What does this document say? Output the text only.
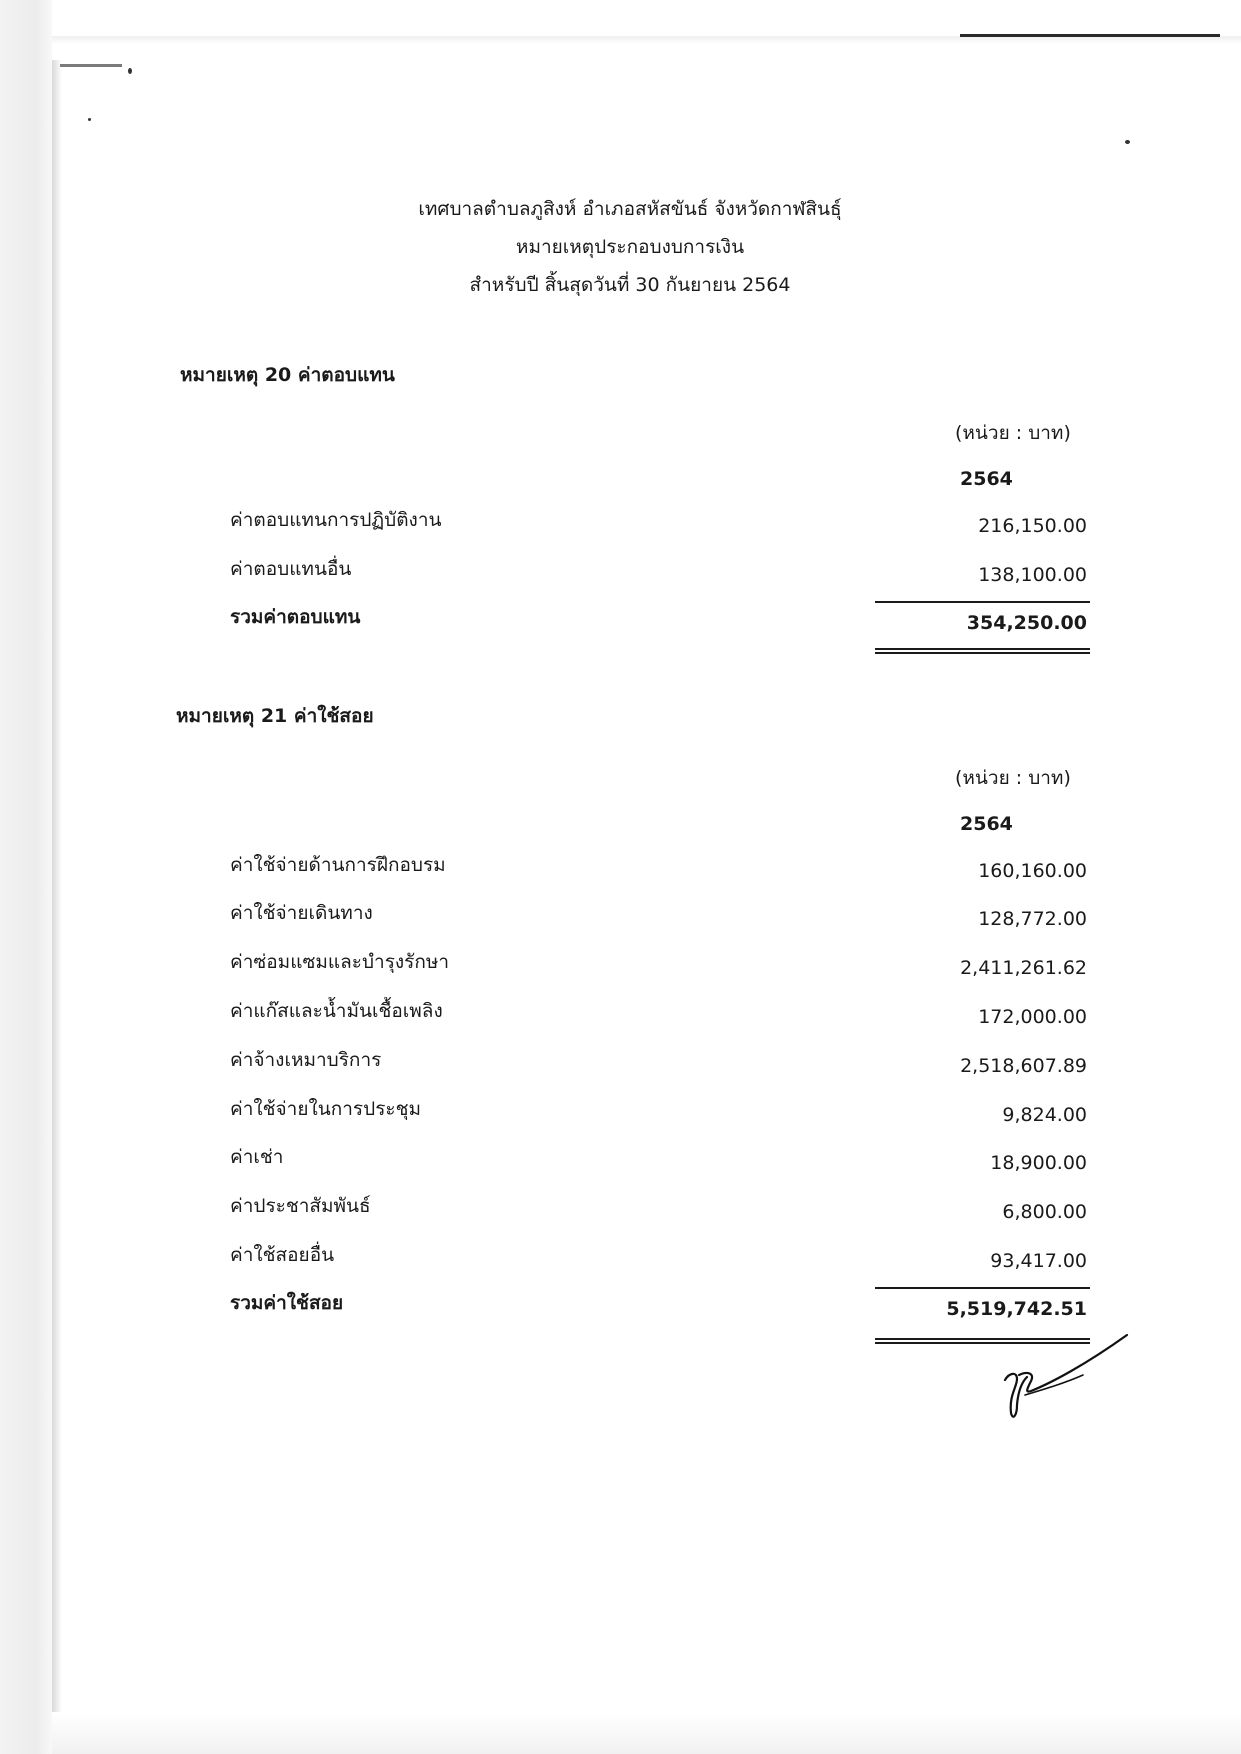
เทศบาลตำบลภูสิงห์ อำเภอสหัสขันธ์ จังหวัดกาฬสินธุ์
หมายเหตุประกอบงบการเงิน
สำหรับปี สิ้นสุดวันที่ 30 กันยายน 2564
หมายเหตุ 20 ค่าตอบแทน
(หน่วย : บาท)
2564
ค่าตอบแทนการปฏิบัติงาน	216,150.00
ค่าตอบแทนอื่น	138,100.00
รวมค่าตอบแทน	354,250.00
หมายเหตุ 21 ค่าใช้สอย
(หน่วย : บาท)
2564
ค่าใช้จ่ายด้านการฝึกอบรม	160,160.00
ค่าใช้จ่ายเดินทาง	128,772.00
ค่าซ่อมแซมและบำรุงรักษา	2,411,261.62
ค่าแก๊สและน้ำมันเชื้อเพลิง	172,000.00
ค่าจ้างเหมาบริการ	2,518,607.89
ค่าใช้จ่ายในการประชุม	9,824.00
ค่าเช่า	18,900.00
ค่าประชาสัมพันธ์	6,800.00
ค่าใช้สอยอื่น	93,417.00
รวมค่าใช้สอย	5,519,742.51
